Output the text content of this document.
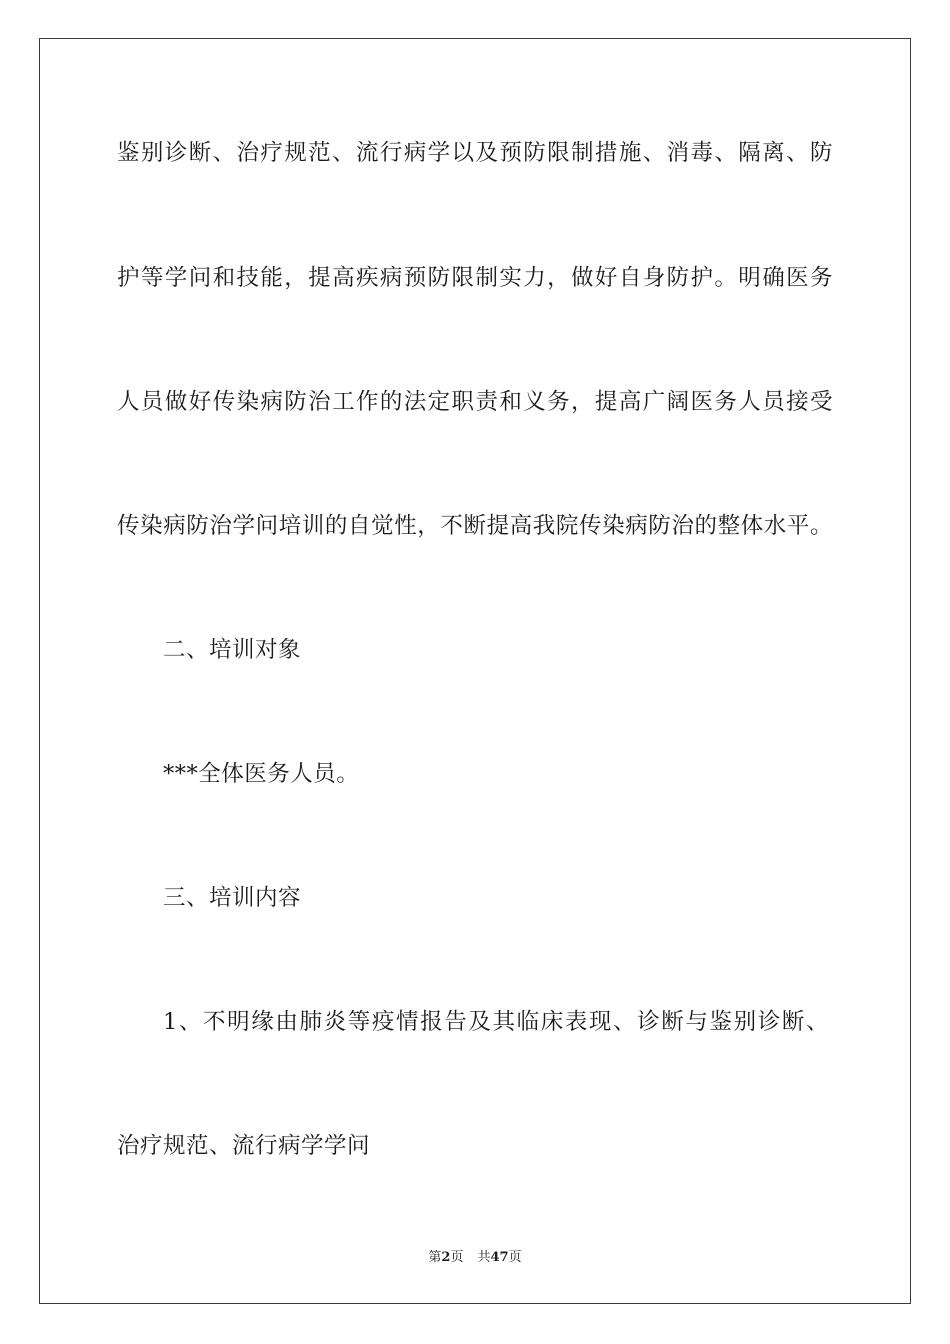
鉴别诊断、治疗规范、流行病学以及预防限制措施、消毒、隔离、防
护等学问和技能，提高疾病预防限制实力，做好自身防护。明确医务
人员做好传染病防治工作的法定职责和义务，提高广阔医务人员接受
传染病防治学问培训的自觉性，不断提高我院传染病防治的整体水平。
二、培训对象
***全体医务人员。
三、培训内容
1、不明缘由肺炎等疫情报告及其临床表现、诊断与鉴别诊断、
治疗规范、流行病学学问
第2页 共47页
